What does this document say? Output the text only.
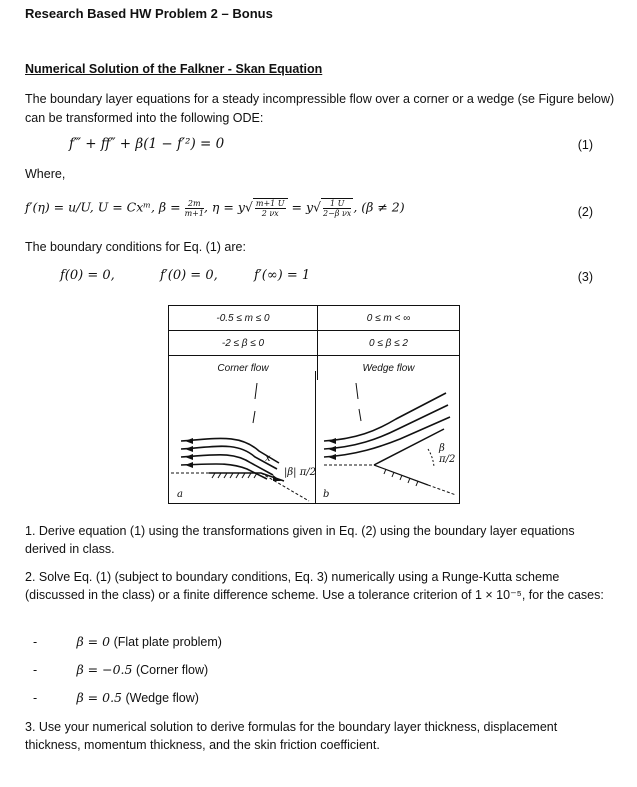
Research Based HW Problem 2 – Bonus
Numerical Solution of the Falkner - Skan Equation
The boundary layer equations for a steady incompressible flow over a corner or a wedge (se Figure below) can be transformed into the following ODE:
f‴ + ff″ + β(1 − f′²) = 0	(1)
Where,
f′(η) = u/U, U = Cxᵐ, $\beta = \frac{2m}{m+1}$ , $\eta = y√ \frac{m+1 U}{2 \nu x} = y√ \frac{1 U}{\text{2−β νx}}$ , (β ≠ 2)	(2)
The boundary conditions for Eq. (1) are:
f(0) = 0,	f′(0) = 0,	f′(∞) = 1	(3)
-0.5 ≤ m ≤ 0	0 ≤ m < ∞
-2 ≤ β ≤ 0	0 ≤ β ≤ 2
Corner flow	Wedge flow
x
|β| π/2
a
β π/2
b
1. Derive equation (1) using the transformations given in Eq. (2) using the boundary layer equations derived in class.
2. Solve Eq. (1) (subject to boundary conditions, Eq. 3) numerically using a Runge-Kutta scheme (discussed in the class) or a finite difference scheme. Use a tolerance criterion of 1 × 10⁻⁵, for the cases:
-	β = 0 (Flat plate problem)
-	β = −0.5 (Corner flow)
-	β = 0.5 (Wedge flow)
3. Use your numerical solution to derive formulas for the boundary layer thickness, displacement thickness, momentum thickness, and the skin friction coefficient.
